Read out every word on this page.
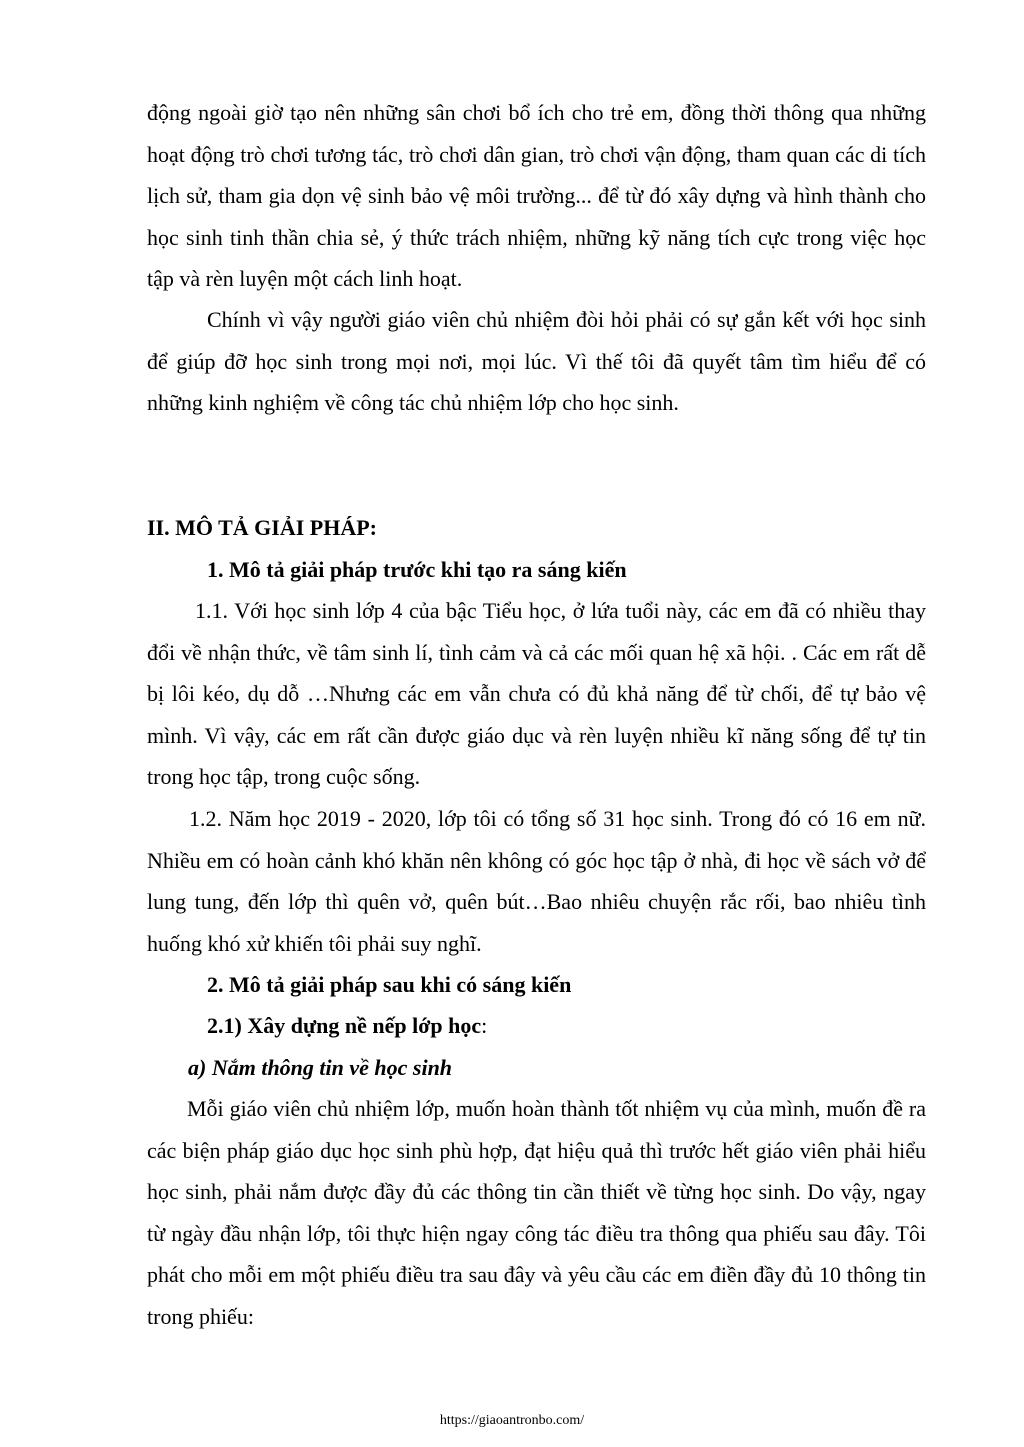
động ngoài giờ tạo nên những sân chơi bổ ích cho trẻ em, đồng thời thông qua những hoạt động trò chơi tương tác, trò chơi dân gian, trò chơi vận động, tham quan các di tích lịch sử, tham gia dọn vệ sinh bảo vệ môi trường... để từ đó xây dựng và hình thành cho học sinh tinh thần chia sẻ, ý thức trách nhiệm, những kỹ năng tích cực trong việc học tập và rèn luyện một cách linh hoạt.

Chính vì vậy người giáo viên chủ nhiệm đòi hỏi phải có sự gắn kết với học sinh để giúp đỡ học sinh trong mọi nơi, mọi lúc. Vì thế tôi đã quyết tâm tìm hiểu để có những kinh nghiệm về công tác chủ nhiệm lớp cho học sinh.

II. MÔ TẢ GIẢI PHÁP:
1. Mô tả giải pháp trước khi tạo ra sáng kiến

1.1. Với học sinh lớp 4 của bậc Tiểu học, ở lứa tuổi này, các em đã có nhiều thay đổi về nhận thức, về tâm sinh lí, tình cảm và cả các mối quan hệ xã hội. . Các em rất dễ bị lôi kéo, dụ dỗ …Nhưng các em vẫn chưa có đủ khả năng để từ chối, để tự bảo vệ mình. Vì vậy, các em rất cần được giáo dục và rèn luyện nhiều kĩ năng sống để tự tin trong học tập, trong cuộc sống.

1.2. Năm học 2019 - 2020, lớp tôi có tổng số 31 học sinh. Trong đó có 16 em nữ. Nhiều em có hoàn cảnh khó khăn nên không có góc học tập ở nhà, đi học về sách vở để lung tung, đến lớp thì quên vở, quên bút…Bao nhiêu chuyện rắc rối, bao nhiêu tình huống khó xử khiến tôi phải suy nghĩ.

2. Mô tả giải pháp sau khi có sáng kiến
2.1) Xây dựng nề nếp lớp học:
a) Nắm thông tin về học sinh

Mỗi giáo viên chủ nhiệm lớp, muốn hoàn thành tốt nhiệm vụ của mình, muốn đề ra các biện pháp giáo dục học sinh phù hợp, đạt hiệu quả thì trước hết giáo viên phải hiểu học sinh, phải nắm được đầy đủ các thông tin cần thiết về từng học sinh. Do vậy, ngay từ ngày đầu nhận lớp, tôi thực hiện ngay công tác điều tra thông qua phiếu sau đây. Tôi phát cho mỗi em một phiếu điều tra sau đây và yêu cầu các em điền đầy đủ 10 thông tin trong phiếu:

https://giaoantronbo.com/
